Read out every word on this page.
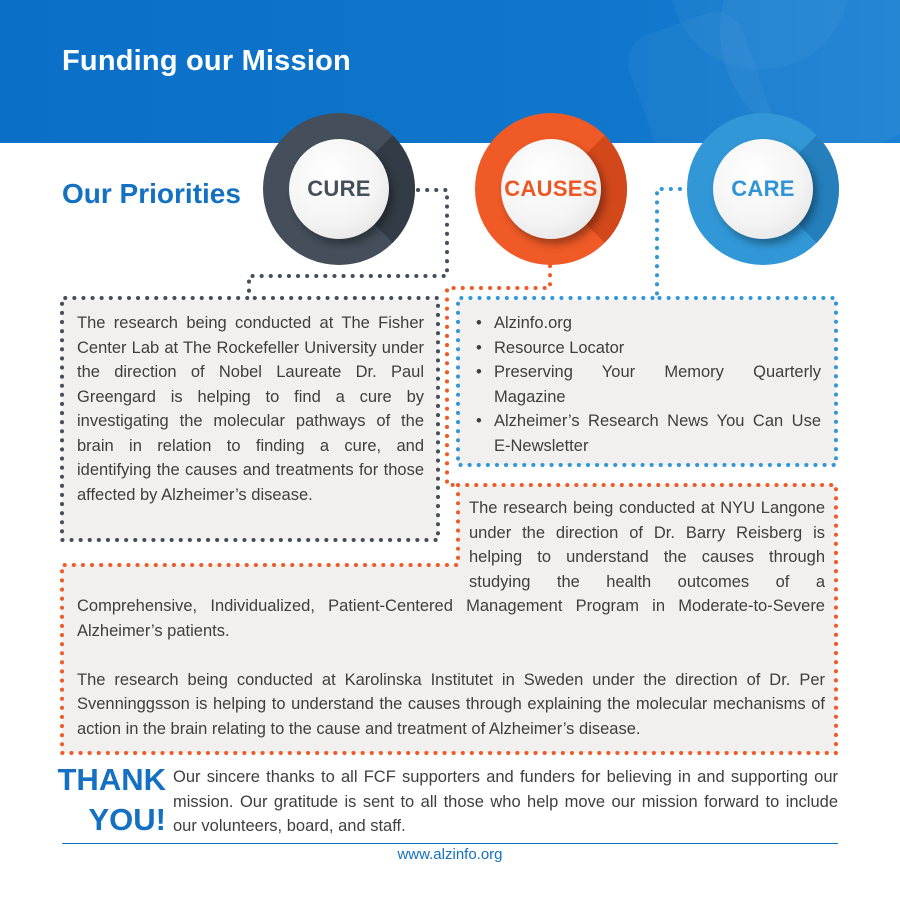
Funding our Mission
Our Priorities	CURE	CAUSES	CARE
The research being conducted at The Fisher Center Lab at The Rockefeller University under the direction of Nobel Laureate Dr. Paul Greengard is helping to find a cure by investigating the molecular pathways of the brain in relation to finding a cure, and identifying the causes and treatments for those affected by Alzheimer’s disease.
• Alzinfo.org
• Resource Locator
• Preserving Your Memory Quarterly Magazine
• Alzheimer’s Research News You Can Use E-Newsletter

The research being conducted at NYU Langone under the direction of Dr. Barry Reisberg is helping to understand the causes through studying the health outcomes of a Comprehensive, Individualized, Patient-Centered Management Program in Moderate-to-Severe Alzheimer’s patients.

The research being conducted at Karolinska Institutet in Sweden under the direction of Dr. Per Svenninggsson is helping to understand the causes through explaining the molecular mechanisms of action in the brain relating to the cause and treatment of Alzheimer’s disease.

THANK
YOU!
Our sincere thanks to all FCF supporters and funders for believing in and supporting our mission. Our gratitude is sent to all those who help move our mission forward to include our volunteers, board, and staff.
www.alzinfo.org
